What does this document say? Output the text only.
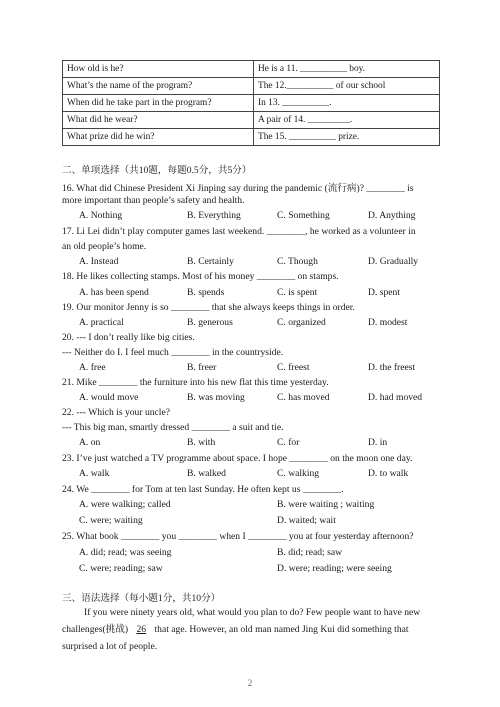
How old is he?	He is a 11. __________ boy.
What’s the name of the program?	The 12.__________ of our school
When did he take part in the program?	In 13. __________.
What did he wear?	A pair of 14. _________.
What prize did he win?	The 15. __________ prize.
二、单项选择（共10题，每题0.5分，共5分）
16. What did Chinese President Xi Jinping say during the pandemic (流行病)? ________ is
more important than people’s safety and health.
A. Nothing	B. Everything	C. Something	D. Anything
17. Li Lei didn’t play computer games last weekend. ________, he worked as a volunteer in
an old people’s home.
A. Instead	B. Certainly	C. Though	D. Gradually
18. He likes collecting stamps. Most of his money ________ on stamps.
A. has been spend	B. spends	C. is spent	D. spent
19. Our monitor Jenny is so ________ that she always keeps things in order.
A. practical	B. generous	C. organized	D. modest
20. --- I don’t really like big cities.
--- Neither do I. I feel much ________ in the countryside.
A. free	B. freer	C. freest	D. the freest
21. Mike ________ the furniture into his new flat this time yesterday.
A. would move	B. was moving	C. has moved	D. had moved
22. --- Which is your uncle?
--- This big man, smartly dressed ________ a suit and tie.
A. on	B. with	C. for	D. in
23. I’ve just watched a TV programme about space. I hope ________ on the moon one day.
A. walk	B. walked	C. walking	D. to walk
24. We ________ for Tom at ten last Sunday. He often kept us ________.
A. were walking; called	B. were waiting ; waiting
C. were; waiting	D. waited; wait
25. What book ________ you ________ when I ________ you at four yesterday afternoon?
A. did; read; was seeing	B. did; read; saw
C. were; reading; saw	D. were; reading; were seeing
三、语法选择（每小题1分，共10分）
If you were ninety years old, what would you plan to do? Few people want to have new
challenges(挑战) 26 that age. However, an old man named Jing Kui did something that
surprised a lot of people.
2
